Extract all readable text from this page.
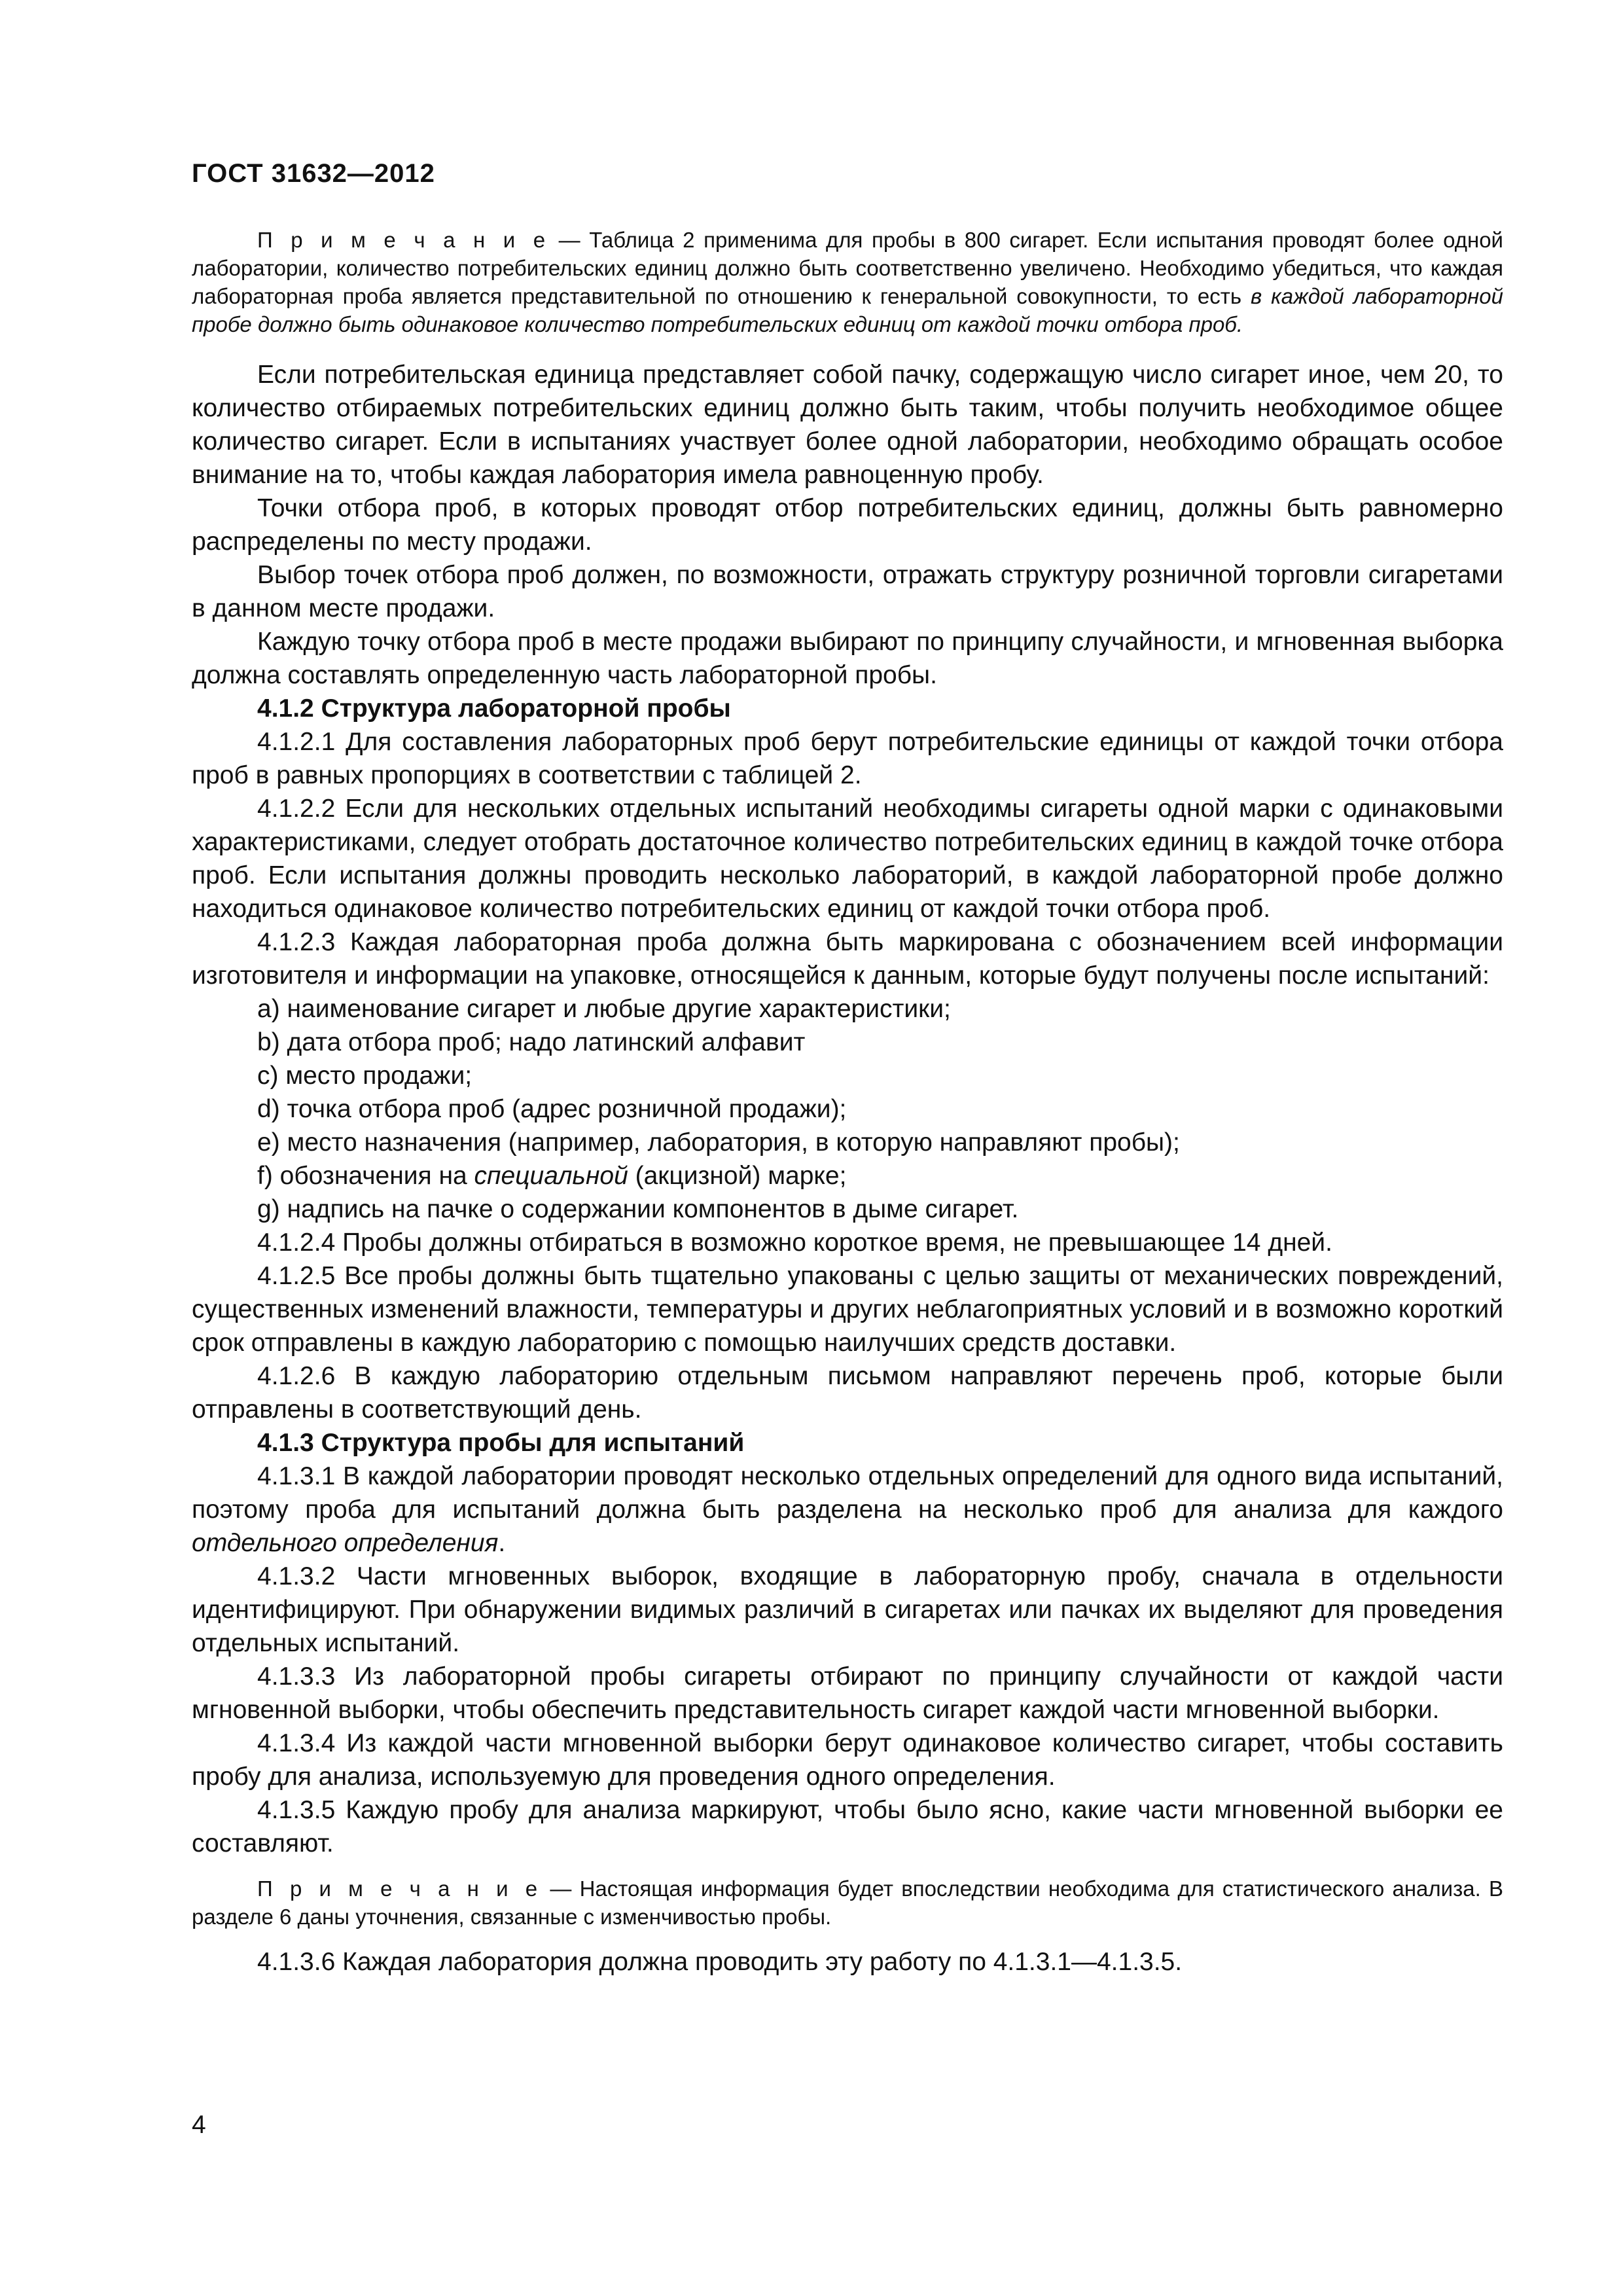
ГОСТ 31632—2012
П р и м е ч а н и е — Таблица 2 применима для пробы в 800 сигарет. Если испытания проводят более одной лаборатории, количество потребительских единиц должно быть соответственно увеличено. Необходимо убедиться, что каждая лабораторная проба является представительной по отношению к генеральной совокупности, то есть в каждой лабораторной пробе должно быть одинаковое количество потребительских единиц от каждой точки отбора проб.

Если потребительская единица представляет собой пачку, содержащую число сигарет иное, чем 20, то количество отбираемых потребительских единиц должно быть таким, чтобы получить необходимое общее количество сигарет. Если в испытаниях участвует более одной лаборатории, необходимо обращать особое внимание на то, чтобы каждая лаборатория имела равноценную пробу.

Точки отбора проб, в которых проводят отбор потребительских единиц, должны быть равномерно распределены по месту продажи.

Выбор точек отбора проб должен, по возможности, отражать структуру розничной торговли сигаретами в данном месте продажи.

Каждую точку отбора проб в месте продажи выбирают по принципу случайности, и мгновенная выборка должна составлять определенную часть лабораторной пробы.

4.1.2 Структура лабораторной пробы

4.1.2.1 Для составления лабораторных проб берут потребительские единицы от каждой точки отбора проб в равных пропорциях в соответствии с таблицей 2.

4.1.2.2 Если для нескольких отдельных испытаний необходимы сигареты одной марки с одинаковыми характеристиками, следует отобрать достаточное количество потребительских единиц в каждой точке отбора проб. Если испытания должны проводить несколько лабораторий, в каждой лабораторной пробе должно находиться одинаковое количество потребительских единиц от каждой точки отбора проб.

4.1.2.3 Каждая лабораторная проба должна быть маркирована с обозначением всей информации изготовителя и информации на упаковке, относящейся к данным, которые будут получены после испытаний:

a) наименование сигарет и любые другие характеристики;
b) дата отбора проб; надо латинский алфавит
c) место продажи;
d) точка отбора проб (адрес розничной продажи);
e) место назначения (например, лаборатория, в которую направляют пробы);
f) обозначения на специальной (акцизной) марке;
g) надпись на пачке о содержании компонентов в дыме сигарет.

4.1.2.4 Пробы должны отбираться в возможно короткое время, не превышающее 14 дней.

4.1.2.5 Все пробы должны быть тщательно упакованы с целью защиты от механических повреждений, существенных изменений влажности, температуры и других неблагоприятных условий и в возможно короткий срок отправлены в каждую лабораторию с помощью наилучших средств доставки.

4.1.2.6 В каждую лабораторию отдельным письмом направляют перечень проб, которые были отправлены в соответствующий день.

4.1.3 Структура пробы для испытаний

4.1.3.1 В каждой лаборатории проводят несколько отдельных определений для одного вида испытаний, поэтому проба для испытаний должна быть разделена на несколько проб для анализа для каждого отдельного определения.

4.1.3.2 Части мгновенных выборок, входящие в лабораторную пробу, сначала в отдельности идентифицируют. При обнаружении видимых различий в сигаретах или пачках их выделяют для проведения отдельных испытаний.

4.1.3.3 Из лабораторной пробы сигареты отбирают по принципу случайности от каждой части мгновенной выборки, чтобы обеспечить представительность сигарет каждой части мгновенной выборки.

4.1.3.4 Из каждой части мгновенной выборки берут одинаковое количество сигарет, чтобы составить пробу для анализа, используемую для проведения одного определения.

4.1.3.5 Каждую пробу для анализа маркируют, чтобы было ясно, какие части мгновенной выборки ее составляют.

П р и м е ч а н и е — Настоящая информация будет впоследствии необходима для статистического анализа. В разделе 6 даны уточнения, связанные с изменчивостью пробы.

4.1.3.6 Каждая лаборатория должна проводить эту работу по 4.1.3.1—4.1.3.5.

4
